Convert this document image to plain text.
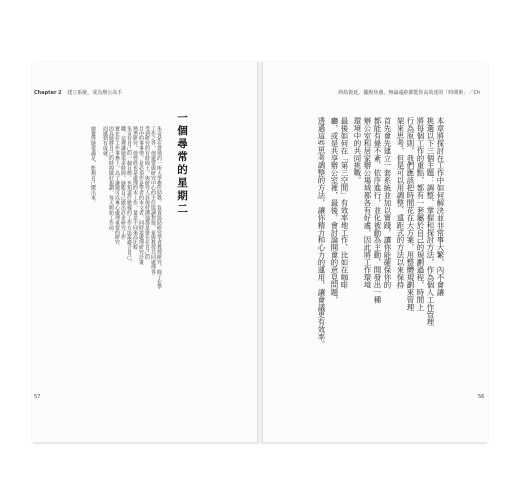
Chapter 2 建立系統，成為辦公高手	終結拖延，擺脫焦慮，無論遠距都能你高效達的「時間術」／Ch
一個尋常的星期二
朱奇是在當地的一所大學擔任助教，負責協助研究學者教授研究，除了在學
工作之外，他還要與研究中心的主任協調對接，並與教授共同處理各
受到研究的有時間上，與研究人員保持溝通都是排在在自己的
目中的事事情，是必須作是學者的本文者，同時要處理研究計畫
熟悉研究，他曾經也是處理的本工作，量是不同來高比較
朱奇有自己的一個目標，也知道什麼樣的工作方法最適合自己，
職，這裡讓她很多時間，她能自己做出許多研究工作
實在在工作事務上，為了讓她可以專心處理重要的研究
因為她將自己的時間做好規劃，每天開始工作前，
而感到有成就。
她覺得她很滿足，能夠自己做出來。	本章將探討在工作中如何解決並非常事大繁，內不會讓
挑選以下三個主題：調整、掌握和探討方法，作為個人工作管理
將每個工作的重點，都有一套屬於自己的規劃過程，時間上
行為原則，我們應該把時間花在大方案，用整體規劃來管理
架來思考，但是可以用調整、遠距式的方法以來保持
首先會先建立一套系統並加以實踐，讓你能確保你的
都能有條不紊、依序進行，並化被動為主動，開發出一種
辦公室和居家辦公場域都各有好處，因此將工作環境
環境中的共同挑戰。
最後如何在「第三空間」有效率地工作，比如在咖啡
廳，或是共享辦公室裡，最後，會討論開會的意見問題，
透過這些思考調整的方法，讓你精力和心力的運用，讓會議更有效率。
57	56
